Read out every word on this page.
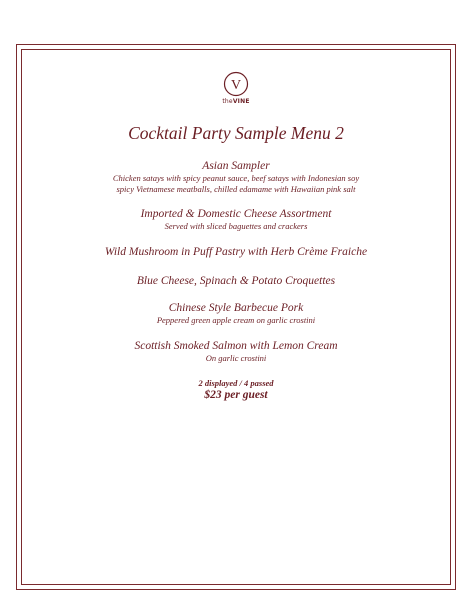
V
theVINE
Cocktail Party Sample Menu 2
Asian Sampler
Chicken satays with spicy peanut sauce, beef satays with Indonesian soy
spicy Vietnamese meatballs, chilled edamame with Hawaiian pink salt
Imported & Domestic Cheese Assortment
Served with sliced baguettes and crackers
Wild Mushroom in Puff Pastry with Herb Crème Fraiche
Blue Cheese, Spinach & Potato Croquettes
Chinese Style Barbecue Pork
Peppered green apple cream on garlic crostini
Scottish Smoked Salmon with Lemon Cream
On garlic crostini
2 displayed / 4 passed
$23 per guest
